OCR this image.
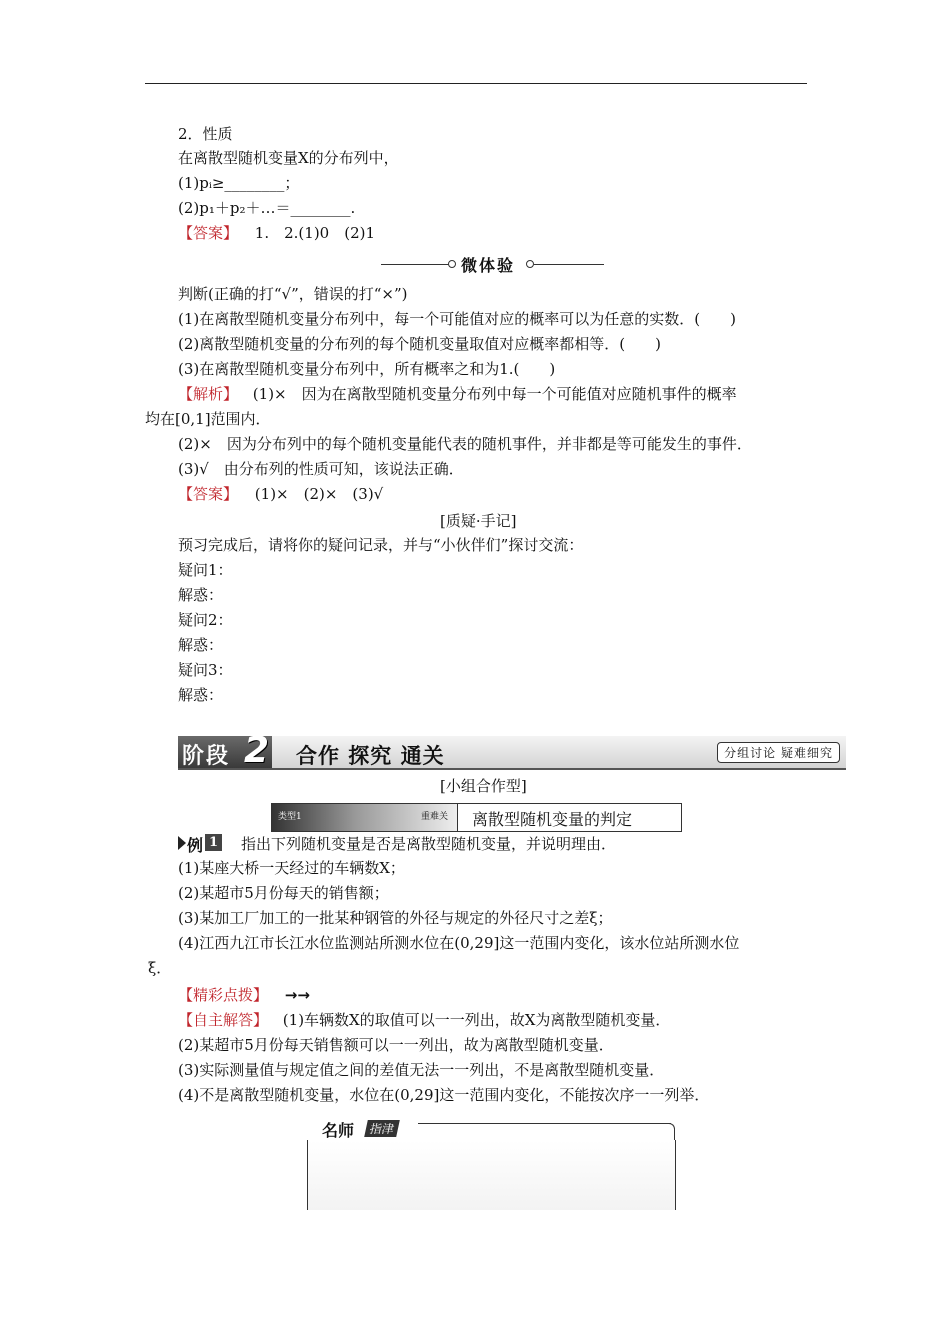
2．性质
在离散型随机变量X的分布列中，
(1)pᵢ≥________；
(2)p₁＋p₂＋…＝________.
【答案】 1.　2.(1)0　(2)1
微体验
判断(正确的打“√”，错误的打“×”)
(1)在离散型随机变量分布列中，每一个可能值对应的概率可以为任意的实数．(　　)
(2)离散型随机变量的分布列的每个随机变量取值对应概率都相等．(　　)
(3)在离散型随机变量分布列中，所有概率之和为1.(　　)
【解析】 (1)×　因为在离散型随机变量分布列中每一个可能值对应随机事件的概率
均在[0,1]范围内．
(2)×　因为分布列中的每个随机变量能代表的随机事件，并非都是等可能发生的事件．
(3)√　由分布列的性质可知，该说法正确．
【答案】 (1)×　(2)×　(3)√
[质疑·手记]
预习完成后，请将你的疑问记录，并与“小伙伴们”探讨交流：
疑问1：
解惑：
疑问2：
解惑：
疑问3：
解惑：
阶段 2 合作 探究 通关	分组讨论 疑难细究
[小组合作型]
类型1	重难关 离散型随机变量的判定
例 1 指出下列随机变量是否是离散型随机变量，并说明理由．
(1)某座大桥一天经过的车辆数X；
(2)某超市5月份每天的销售额；
(3)某加工厂加工的一批某种钢管的外径与规定的外径尺寸之差ξ；
(4)江西九江市长江水位监测站所测水位在(0,29]这一范围内变化，该水位站所测水位
ξ．
【精彩点拨】 →→
【自主解答】 (1)车辆数X的取值可以一一列出，故X为离散型随机变量．
(2)某超市5月份每天销售额可以一一列出，故为离散型随机变量．
(3)实际测量值与规定值之间的差值无法一一列出，不是离散型随机变量．
(4)不是离散型随机变量，水位在(0,29]这一范围内变化，不能按次序一一列举．
名师	指津
